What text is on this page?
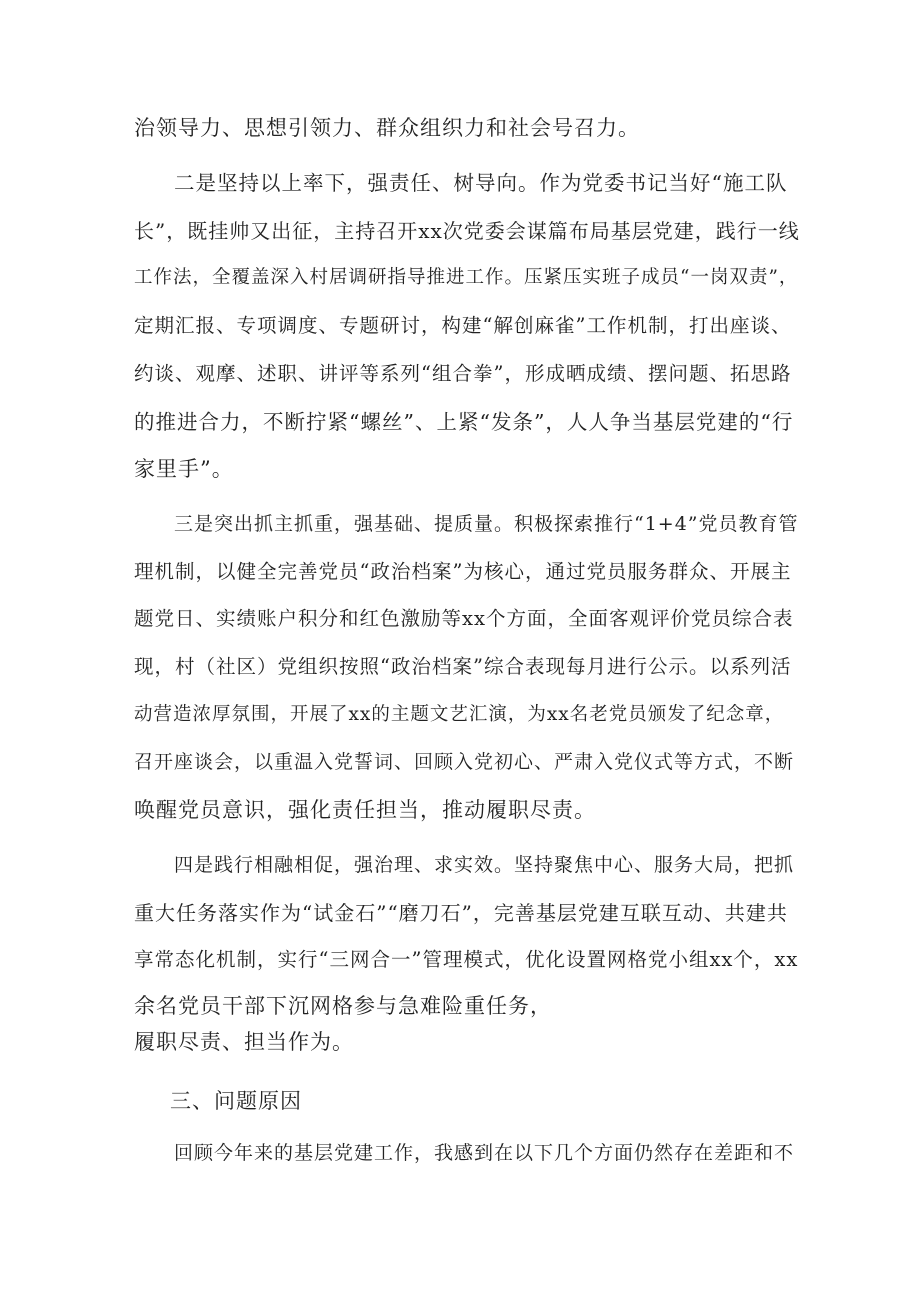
治领导力、思想引领力、群众组织力和社会号召力。
二是坚持以上率下，强责任、树导向。作为党委书记当好“施工队
长”，既挂帅又出征，主持召开xx次党委会谋篇布局基层党建，践行一线
工作法，全覆盖深入村居调研指导推进工作。压紧压实班子成员“一岗双责”，
定期汇报、专项调度、专题研讨，构建“解创麻雀”工作机制，打出座谈、
约谈、观摩、述职、讲评等系列“组合拳”，形成晒成绩、摆问题、拓思路
的推进合力，不断拧紧“螺丝”、上紧“发条”，人人争当基层党建的“行
家里手”。
三是突出抓主抓重，强基础、提质量。积极探索推行“1+4”党员教育管
理机制，以健全完善党员“政治档案”为核心，通过党员服务群众、开展主
题党日、实绩账户积分和红色激励等xx个方面，全面客观评价党员综合表
现，村（社区）党组织按照“政治档案”综合表现每月进行公示。以系列活
动营造浓厚氛围，开展了xx的主题文艺汇演，为xx名老党员颁发了纪念章，
召开座谈会，以重温入党誓词、回顾入党初心、严肃入党仪式等方式，不断
唤醒党员意识，强化责任担当，推动履职尽责。
四是践行相融相促，强治理、求实效。坚持聚焦中心、服务大局，把抓
重大任务落实作为“试金石”“磨刀石”，完善基层党建互联互动、共建共
享常态化机制，实行“三网合一”管理模式，优化设置网格党小组xx个，xx
余名党员干部下沉网格参与急难险重任务，
履职尽责、担当作为。
三、问题原因
回顾今年来的基层党建工作，我感到在以下几个方面仍然存在差距和不
